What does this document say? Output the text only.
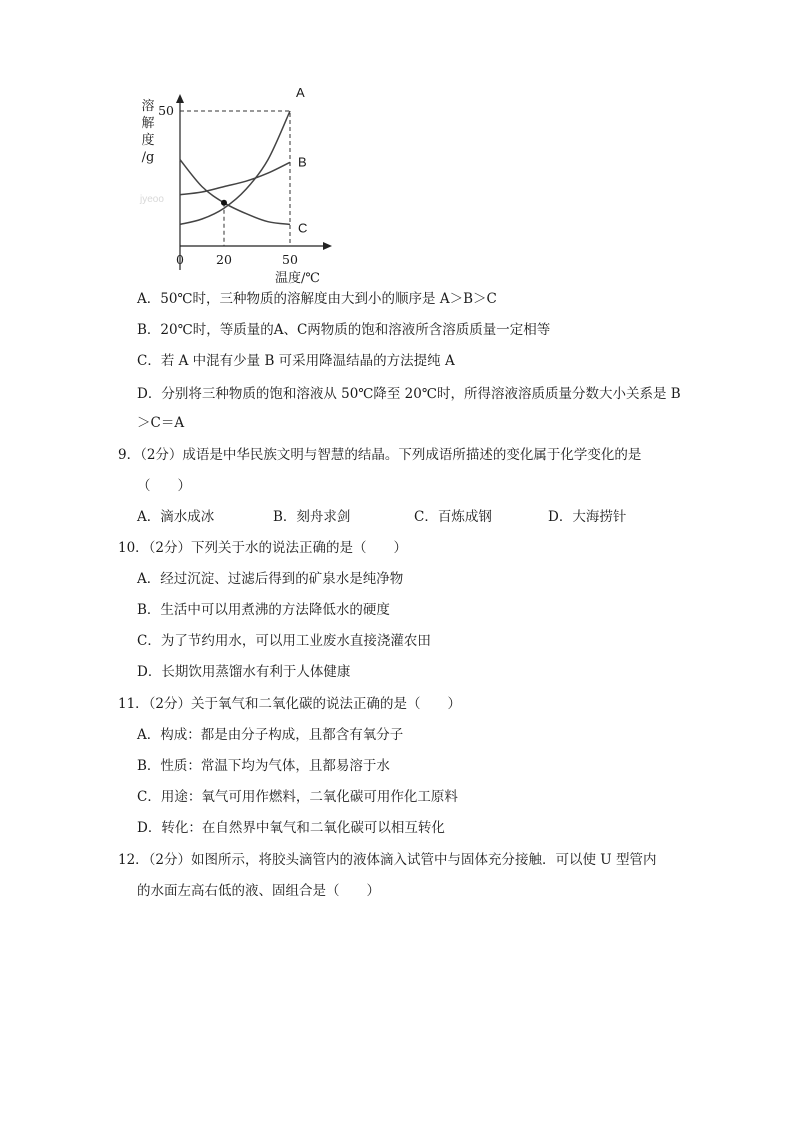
溶
解
度
/g
jyeoo
A
B
C
0	20	50
50
温度/℃
A．50℃时，三种物质的溶解度由大到小的顺序是 A＞B＞C
B．20℃时，等质量的A、C两物质的饱和溶液所含溶质质量一定相等
C．若 A 中混有少量 B 可采用降温结晶的方法提纯 A
D．分别将三种物质的饱和溶液从 50℃降至 20℃时，所得溶液溶质质量分数大小关系是 B
＞C＝A
9．（2分）成语是中华民族文明与智慧的结晶。下列成语所描述的变化属于化学变化的是
（　　）
A．滴水成冰	B．刻舟求剑	C．百炼成钢	D．大海捞针
10．（2分）下列关于水的说法正确的是（　　）
A．经过沉淀、过滤后得到的矿泉水是纯净物
B．生活中可以用煮沸的方法降低水的硬度
C．为了节约用水，可以用工业废水直接浇灌农田
D．长期饮用蒸馏水有利于人体健康
11．（2分）关于氧气和二氧化碳的说法正确的是（　　）
A．构成：都是由分子构成，且都含有氧分子
B．性质：常温下均为气体，且都易溶于水
C．用途：氧气可用作燃料，二氧化碳可用作化工原料
D．转化：在自然界中氧气和二氧化碳可以相互转化
12．（2分）如图所示，将胶头滴管内的液体滴入试管中与固体充分接触．可以使 U 型管内
的水面左高右低的液、固组合是（　　）
